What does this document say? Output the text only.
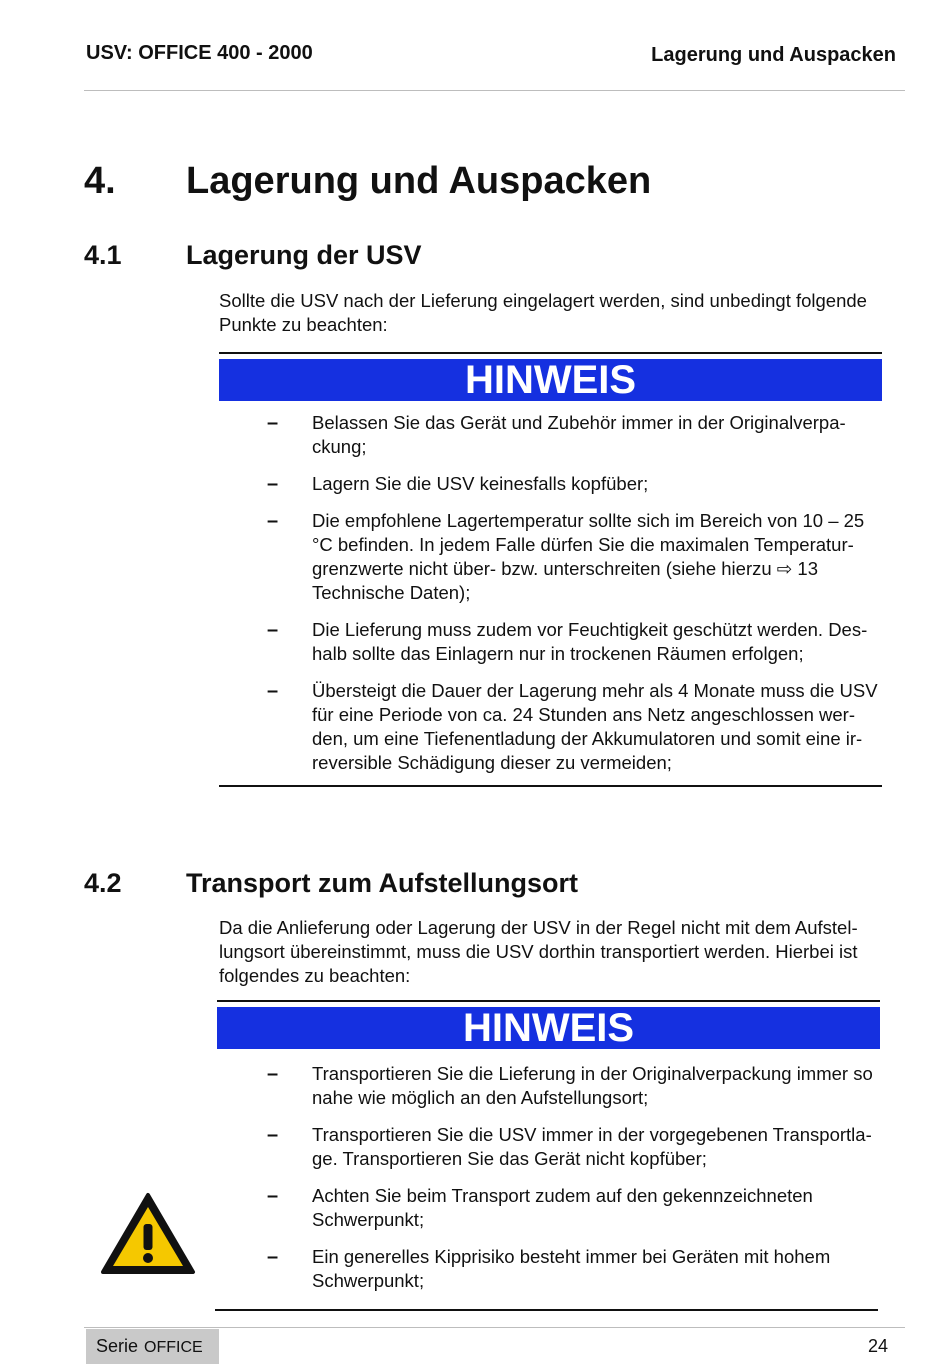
USV: OFFICE 400 - 2000	Lagerung und Auspacken
4. Lagerung und Auspacken
4.1 Lagerung der USV
Sollte die USV nach der Lieferung eingelagert werden, sind unbedingt folgende Punkte zu beachten:
HINWEIS
– Belassen Sie das Gerät und Zubehör immer in der Originalverpa-
ckung;
– Lagern Sie die USV keinesfalls kopfüber;
– Die empfohlene Lagertemperatur sollte sich im Bereich von 10 – 25
°C befinden. In jedem Falle dürfen Sie die maximalen Temperatur-
grenzwerte nicht über- bzw. unterschreiten (siehe hierzu ⇨ 13
Technische Daten);
– Die Lieferung muss zudem vor Feuchtigkeit geschützt werden. Des-
halb sollte das Einlagern nur in trockenen Räumen erfolgen;
– Übersteigt die Dauer der Lagerung mehr als 4 Monate muss die USV
für eine Periode von ca. 24 Stunden ans Netz angeschlossen wer-
den, um eine Tiefenentladung der Akkumulatoren und somit eine ir-
reversible Schädigung dieser zu vermeiden;
4.2 Transport zum Aufstellungsort
Da die Anlieferung oder Lagerung der USV in der Regel nicht mit dem Aufstel-
lungsort übereinstimmt, muss die USV dorthin transportiert werden. Hierbei ist
folgendes zu beachten:
HINWEIS
– Transportieren Sie die Lieferung in der Originalverpackung immer so
nahe wie möglich an den Aufstellungsort;
– Transportieren Sie die USV immer in der vorgegebenen Transportla-
ge. Transportieren Sie das Gerät nicht kopfüber;
– Achten Sie beim Transport zudem auf den gekennzeichneten
Schwerpunkt;
– Ein generelles Kipprisiko besteht immer bei Geräten mit hohem
Schwerpunkt;
Serie OFFICE	24
